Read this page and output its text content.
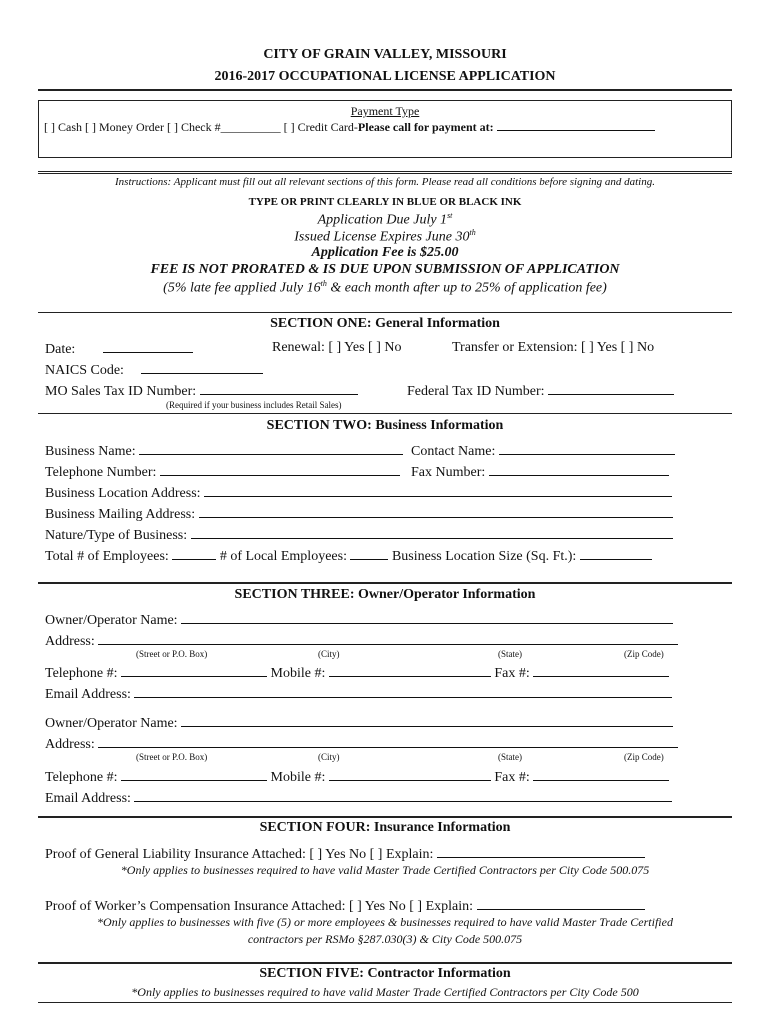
CITY OF GRAIN VALLEY, MISSOURI
2016-2017 OCCUPATIONAL LICENSE APPLICATION
Payment Type
[ ] Cash [ ] Money Order [ ] Check #__________ [ ] Credit Card-Please call for payment at:
Instructions: Applicant must fill out all relevant sections of this form. Please read all conditions before signing and dating.
TYPE OR PRINT CLEARLY IN BLUE OR BLACK INK
Application Due July 1st
Issued License Expires June 30th
Application Fee is $25.00
FEE IS NOT PRORATED & IS DUE UPON SUBMISSION OF APPLICATION
(5% late fee applied July 16th & each month after up to 25% of application fee)
SECTION ONE: General Information
Date:	Renewal: [ ] Yes [ ] No	Transfer or Extension: [ ] Yes [ ] No
NAICS Code:
MO Sales Tax ID Number:	Federal Tax ID Number:
(Required if your business includes Retail Sales)
SECTION TWO: Business Information
Business Name:	Contact Name:
Telephone Number:	Fax Number:
Business Location Address:
Business Mailing Address:
Nature/Type of Business:
Total # of Employees:	# of Local Employees:	Business Location Size (Sq. Ft.):
SECTION THREE: Owner/Operator Information
Owner/Operator Name:
Address:
(Street or P.O. Box)	(City)	(State)	(Zip Code)
Telephone #:	Mobile #:	Fax #:
Email Address:
Owner/Operator Name:
Address:
(Street or P.O. Box)	(City)	(State)	(Zip Code)
Telephone #:	Mobile #:	Fax #:
Email Address:
SECTION FOUR: Insurance Information
Proof of General Liability Insurance Attached: [ ] Yes No [ ] Explain:
*Only applies to businesses required to have valid Master Trade Certified Contractors per City Code 500.075
Proof of Worker’s Compensation Insurance Attached: [ ] Yes No [ ] Explain:
*Only applies to businesses with five (5) or more employees & businesses required to have valid Master Trade Certified
contractors per RSMo §287.030(3) & City Code 500.075
SECTION FIVE: Contractor Information
*Only applies to businesses required to have valid Master Trade Certified Contractors per City Code 500
